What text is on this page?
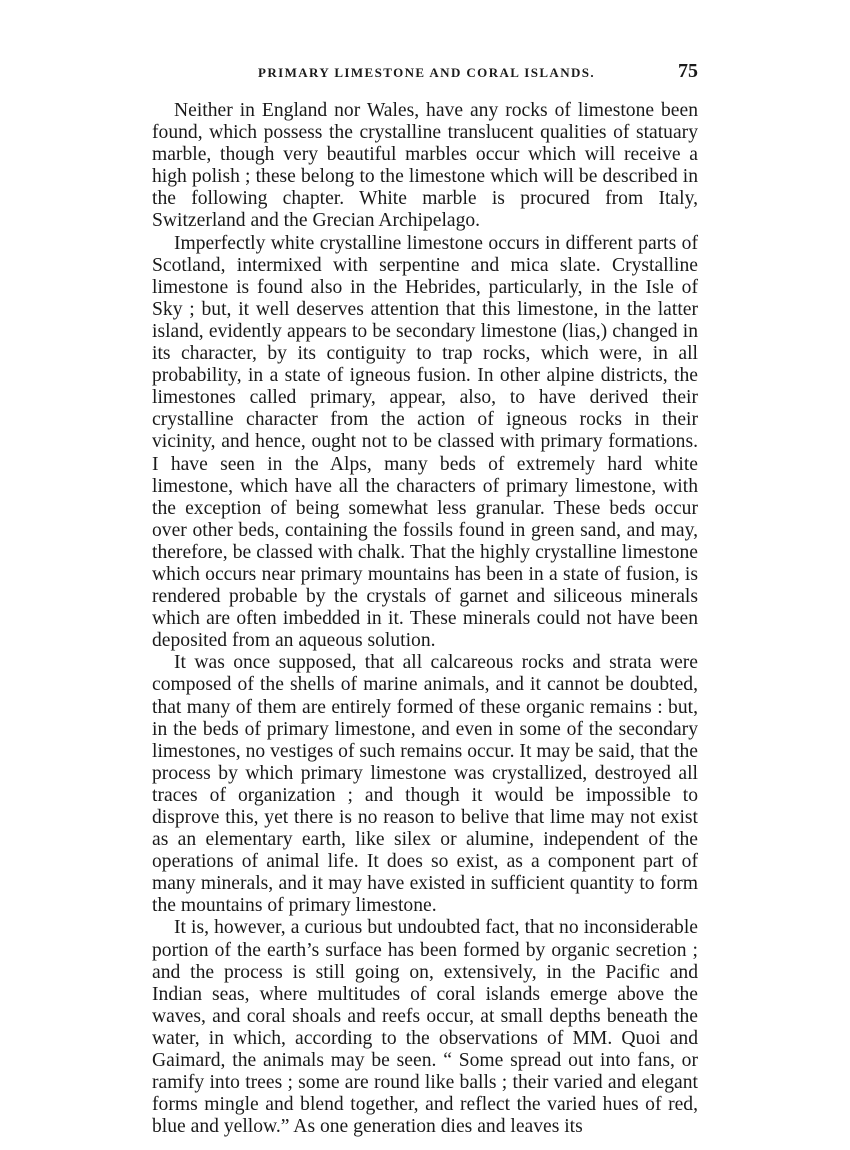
PRIMARY LIMESTONE AND CORAL ISLANDS.	75

Neither in England nor Wales, have any rocks of limestone been found, which possess the crystalline translucent qualities of statuary marble, though very beautiful marbles occur which will receive a high polish ; these belong to the limestone which will be described in the following chapter. White marble is procured from Italy, Switzerland and the Grecian Archipelago.

Imperfectly white crystalline limestone occurs in different parts of Scotland, intermixed with serpentine and mica slate. Crystalline limestone is found also in the Hebrides, particularly, in the Isle of Sky ; but, it well deserves attention that this limestone, in the latter island, evidently appears to be secondary limestone (lias,) changed in its character, by its contiguity to trap rocks, which were, in all probability, in a state of igneous fusion. In other alpine districts, the limestones called primary, appear, also, to have derived their crystalline character from the action of igneous rocks in their vicinity, and hence, ought not to be classed with primary formations. I have seen in the Alps, many beds of extremely hard white limestone, which have all the characters of primary limestone, with the exception of being somewhat less granular. These beds occur over other beds, containing the fossils found in green sand, and may, therefore, be classed with chalk. That the highly crystalline limestone which occurs near primary mountains has been in a state of fusion, is rendered probable by the crystals of garnet and siliceous minerals which are often imbedded in it. These minerals could not have been deposited from an aqueous solution.

It was once supposed, that all calcareous rocks and strata were composed of the shells of marine animals, and it cannot be doubted, that many of them are entirely formed of these organic remains : but, in the beds of primary limestone, and even in some of the secondary limestones, no vestiges of such remains occur. It may be said, that the process by which primary limestone was crystallized, destroyed all traces of organization ; and though it would be impossible to disprove this, yet there is no reason to belive that lime may not exist as an elementary earth, like silex or alumine, independent of the operations of animal life. It does so exist, as a component part of many minerals, and it may have existed in sufficient quantity to form the mountains of primary limestone.

It is, however, a curious but undoubted fact, that no inconsiderable portion of the earth’s surface has been formed by organic secretion ; and the process is still going on, extensively, in the Pacific and Indian seas, where multitudes of coral islands emerge above the waves, and coral shoals and reefs occur, at small depths beneath the water, in which, according to the observations of MM. Quoi and Gaimard, the animals may be seen. “ Some spread out into fans, or ramify into trees ; some are round like balls ; their varied and elegant forms mingle and blend together, and reflect the varied hues of red, blue and yellow.” As one generation dies and leaves its
